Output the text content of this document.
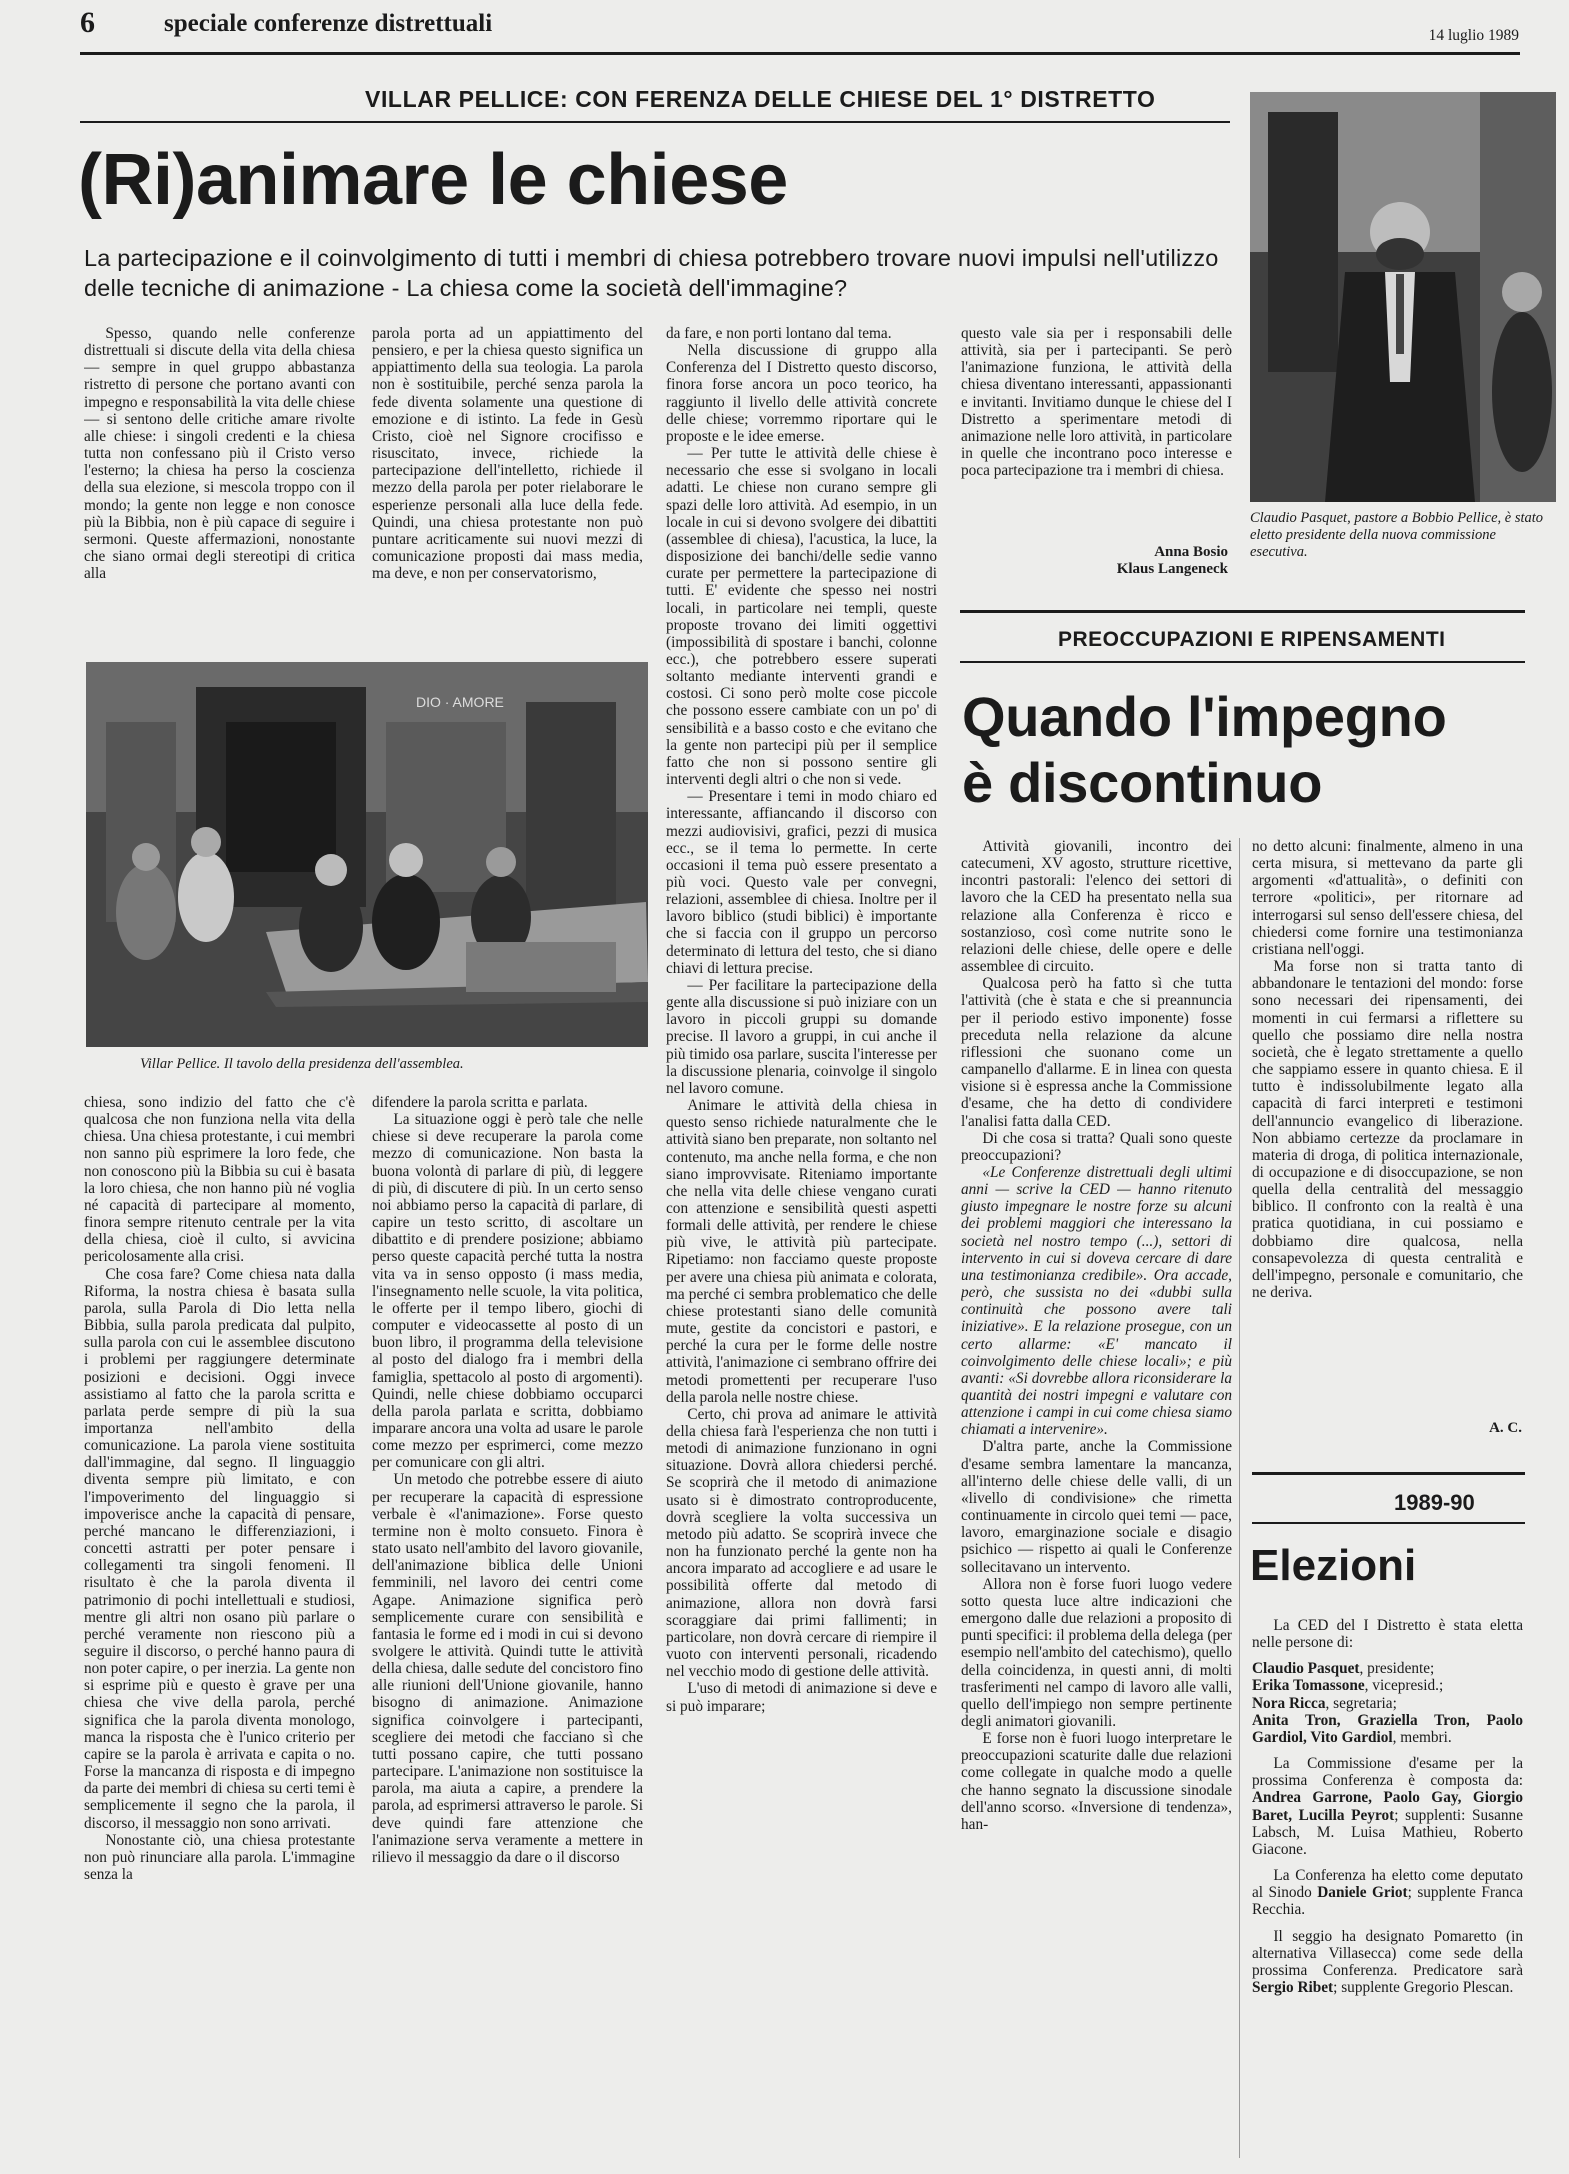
6	speciale conferenze distrettuali	14 luglio 1989
VILLAR PELLICE: CON FERENZA DELLE CHIESE DEL 1° DISTRETTO
(Ri)animare le chiese
La partecipazione e il coinvolgimento di tutti i membri di chiesa potrebbero trovare nuovi impulsi nell'utilizzo delle tecniche di animazione - La chiesa come la società dell'immagine?

Spesso, quando nelle conferenze distrettuali si discute della vita della chiesa — sempre in quel gruppo abbastanza ristretto di persone che portano avanti con impegno e responsabilità la vita delle chiese — si sentono delle critiche amare rivolte alle chiese: i singoli credenti e la chiesa tutta non confessano più il Cristo verso l'esterno; la chiesa ha perso la coscienza della sua elezione, si mescola troppo con il mondo; la gente non legge e non conosce più la Bibbia, non è più capace di seguire i sermoni. Queste affermazioni, nonostante che siano ormai degli stereotipi di critica alla

parola porta ad un appiattimento del pensiero, e per la chiesa questo significa un appiattimento della sua teologia. La parola non è sostituibile, perché senza parola la fede diventa solamente una questione di emozione e di istinto. La fede in Gesù Cristo, cioè nel Signore crocifisso e risuscitato, invece, richiede la partecipazione dell'intelletto, richiede il mezzo della parola per poter rielaborare le esperienze personali alla luce della fede. Quindi, una chiesa protestante non può puntare acriticamente sui nuovi mezzi di comunicazione proposti dai mass media, ma deve, e non per conservatorismo,

DIO · AMORE
Villar Pellice. Il tavolo della presidenza dell'assemblea.

chiesa, sono indizio del fatto che c'è qualcosa che non funziona nella vita della chiesa. Una chiesa protestante, i cui membri non sanno più esprimere la loro fede, che non conoscono più la Bibbia su cui è basata la loro chiesa, che non hanno più né voglia né capacità di partecipare al momento, finora sempre ritenuto centrale per la vita della chiesa, cioè il culto, si avvicina pericolosamente alla crisi.

Che cosa fare? Come chiesa nata dalla Riforma, la nostra chiesa è basata sulla parola, sulla Parola di Dio letta nella Bibbia, sulla parola predicata dal pulpito, sulla parola con cui le assemblee discutono i problemi per raggiungere determinate posizioni e decisioni. Oggi invece assistiamo al fatto che la parola scritta e parlata perde sempre di più la sua importanza nell'ambito della comunicazione. La parola viene sostituita dall'immagine, dal segno. Il linguaggio diventa sempre più limitato, e con l'impoverimento del linguaggio si impoverisce anche la capacità di pensare, perché mancano le differenziazioni, i concetti astratti per poter pensare i collegamenti tra singoli fenomeni. Il risultato è che la parola diventa il patrimonio di pochi intellettuali e studiosi, mentre gli altri non osano più parlare o perché veramente non riescono più a seguire il discorso, o perché hanno paura di non poter capire, o per inerzia. La gente non si esprime più e questo è grave per una chiesa che vive della parola, perché significa che la parola diventa monologo, manca la risposta che è l'unico criterio per capire se la parola è arrivata e capita o no. Forse la mancanza di risposta e di impegno da parte dei membri di chiesa su certi temi è semplicemente il segno che la parola, il discorso, il messaggio non sono arrivati.

Nonostante ciò, una chiesa protestante non può rinunciare alla parola. L'immagine senza la

difendere la parola scritta e parlata.

La situazione oggi è però tale che nelle chiese si deve recuperare la parola come mezzo di comunicazione. Non basta la buona volontà di parlare di più, di leggere di più, di discutere di più. In un certo senso noi abbiamo perso la capacità di parlare, di capire un testo scritto, di ascoltare un dibattito e di prendere posizione; abbiamo perso queste capacità perché tutta la nostra vita va in senso opposto (i mass media, l'insegnamento nelle scuole, la vita politica, le offerte per il tempo libero, giochi di computer e videocassette al posto di un buon libro, il programma della televisione al posto del dialogo fra i membri della famiglia, spettacolo al posto di argomenti). Quindi, nelle chiese dobbiamo occuparci della parola parlata e scritta, dobbiamo imparare ancora una volta ad usare le parole come mezzo per esprimerci, come mezzo per comunicare con gli altri.

Un metodo che potrebbe essere di aiuto per recuperare la capacità di espressione verbale è «l'animazione». Forse questo termine non è molto consueto. Finora è stato usato nell'ambito del lavoro giovanile, dell'animazione biblica delle Unioni femminili, nel lavoro dei centri come Agape. Animazione significa però semplicemente curare con sensibilità e fantasia le forme ed i modi in cui si devono svolgere le attività. Quindi tutte le attività della chiesa, dalle sedute del concistoro fino alle riunioni dell'Unione giovanile, hanno bisogno di animazione. Animazione significa coinvolgere i partecipanti, scegliere dei metodi che facciano sì che tutti possano capire, che tutti possano partecipare. L'animazione non sostituisce la parola, ma aiuta a capire, a prendere la parola, ad esprimersi attraverso le parole. Si deve quindi fare attenzione che l'animazione serva veramente a mettere in rilievo il messaggio da dare o il discorso

da fare, e non porti lontano dal tema.

Nella discussione di gruppo alla Conferenza del I Distretto questo discorso, finora forse ancora un poco teorico, ha raggiunto il livello delle attività concrete delle chiese; vorremmo riportare qui le proposte e le idee emerse.

— Per tutte le attività delle chiese è necessario che esse si svolgano in locali adatti. Le chiese non curano sempre gli spazi delle loro attività. Ad esempio, in un locale in cui si devono svolgere dei dibattiti (assemblee di chiesa), l'acustica, la luce, la disposizione dei banchi/delle sedie vanno curate per permettere la partecipazione di tutti. E' evidente che spesso nei nostri locali, in particolare nei templi, queste proposte trovano dei limiti oggettivi (impossibilità di spostare i banchi, colonne ecc.), che potrebbero essere superati soltanto mediante interventi grandi e costosi. Ci sono però molte cose piccole che possono essere cambiate con un po' di sensibilità e a basso costo e che evitano che la gente non partecipi più per il semplice fatto che non si possono sentire gli interventi degli altri o che non si vede.

— Presentare i temi in modo chiaro ed interessante, affiancando il discorso con mezzi audiovisivi, grafici, pezzi di musica ecc., se il tema lo permette. In certe occasioni il tema può essere presentato a più voci. Questo vale per convegni, relazioni, assemblee di chiesa. Inoltre per il lavoro biblico (studi biblici) è importante che si faccia con il gruppo un percorso determinato di lettura del testo, che si diano chiavi di lettura precise.

— Per facilitare la partecipazione della gente alla discussione si può iniziare con un lavoro in piccoli gruppi su domande precise. Il lavoro a gruppi, in cui anche il più timido osa parlare, suscita l'interesse per la discussione plenaria, coinvolge il singolo nel lavoro comune.

Animare le attività della chiesa in questo senso richiede naturalmente che le attività siano ben preparate, non soltanto nel contenuto, ma anche nella forma, e che non siano improvvisate. Riteniamo importante che nella vita delle chiese vengano curati con attenzione e sensibilità questi aspetti formali delle attività, per rendere le chiese più vive, le attività più partecipate. Ripetiamo: non facciamo queste proposte per avere una chiesa più animata e colorata, ma perché ci sembra problematico che delle chiese protestanti siano delle comunità mute, gestite da concistori e pastori, e perché la cura per le forme delle nostre attività, l'animazione ci sembrano offrire dei metodi promettenti per recuperare l'uso della parola nelle nostre chiese.

Certo, chi prova ad animare le attività della chiesa farà l'esperienza che non tutti i metodi di animazione funzionano in ogni situazione. Dovrà allora chiedersi perché. Se scoprirà che il metodo di animazione usato si è dimostrato controproducente, dovrà scegliere la volta successiva un metodo più adatto. Se scoprirà invece che non ha funzionato perché la gente non ha ancora imparato ad accogliere e ad usare le possibilità offerte dal metodo di animazione, allora non dovrà farsi scoraggiare dai primi fallimenti; in particolare, non dovrà cercare di riempire il vuoto con interventi personali, ricadendo nel vecchio modo di gestione delle attività.

L'uso di metodi di animazione si deve e si può imparare;

questo vale sia per i responsabili delle attività, sia per i partecipanti. Se però l'animazione funziona, le attività della chiesa diventano interessanti, appassionanti e invitanti. Invitiamo dunque le chiese del I Distretto a sperimentare metodi di animazione nelle loro attività, in particolare in quelle che incontrano poco interesse e poca partecipazione tra i membri di chiesa.

Anna Bosio
Klaus Langeneck
Claudio Pasquet, pastore a Bobbio Pellice, è stato eletto presidente della nuova commissione esecutiva.
PREOCCUPAZIONI E RIPENSAMENTI
Quando l'impegno
è discontinuo

Attività giovanili, incontro dei catecumeni, XV agosto, strutture ricettive, incontri pastorali: l'elenco dei settori di lavoro che la CED ha presentato nella sua relazione alla Conferenza è ricco e sostanzioso, così come nutrite sono le relazioni delle chiese, delle opere e delle assemblee di circuito.

Qualcosa però ha fatto sì che tutta l'attività (che è stata e che si preannuncia per il periodo estivo imponente) fosse preceduta nella relazione da alcune riflessioni che suonano come un campanello d'allarme. E in linea con questa visione si è espressa anche la Commissione d'esame, che ha detto di condividere l'analisi fatta dalla CED.

Di che cosa si tratta? Quali sono queste preoccupazioni?

«Le Conferenze distrettuali degli ultimi anni — scrive la CED — hanno ritenuto giusto impegnare le nostre forze su alcuni dei problemi maggiori che interessano la società nel nostro tempo (...), settori di intervento in cui si doveva cercare di dare una testimonianza credibile». Ora accade, però, che sussista no dei «dubbi sulla continuità che possono avere tali iniziative». E la relazione prosegue, con un certo allarme: «E' mancato il coinvolgimento delle chiese locali»; e più avanti: «Si dovrebbe allora riconsiderare la quantità dei nostri impegni e valutare con attenzione i campi in cui come chiesa siamo chiamati a intervenire».

D'altra parte, anche la Commissione d'esame sembra lamentare la mancanza, all'interno delle chiese delle valli, di un «livello di condivisione» che rimetta continuamente in circolo quei temi — pace, lavoro, emarginazione sociale e disagio psichico — rispetto ai quali le Conferenze sollecitavano un intervento.

Allora non è forse fuori luogo vedere sotto questa luce altre indicazioni che emergono dalle due relazioni a proposito di punti specifici: il problema della delega (per esempio nell'ambito del catechismo), quello della coincidenza, in questi anni, di molti trasferimenti nel campo di lavoro alle valli, quello dell'impiego non sempre pertinente degli animatori giovanili.

E forse non è fuori luogo interpretare le preoccupazioni scaturite dalle due relazioni come collegate in qualche modo a quelle che hanno segnato la discussione sinodale dell'anno scorso. «Inversione di tendenza», han-

no detto alcuni: finalmente, almeno in una certa misura, si mettevano da parte gli argomenti «d'attualità», o definiti con terrore «politici», per ritornare ad interrogarsi sul senso dell'essere chiesa, del chiedersi come fornire una testimonianza cristiana nell'oggi.

Ma forse non si tratta tanto di abbandonare le tentazioni del mondo: forse sono necessari dei ripensamenti, dei momenti in cui fermarsi a riflettere su quello che possiamo dire nella nostra società, che è legato strettamente a quello che sappiamo essere in quanto chiesa. E il tutto è indissolubilmente legato alla capacità di farci interpreti e testimoni dell'annuncio evangelico di liberazione. Non abbiamo certezze da proclamare in materia di droga, di politica internazionale, di occupazione e di disoccupazione, se non quella della centralità del messaggio biblico. Il confronto con la realtà è una pratica quotidiana, in cui possiamo e dobbiamo dire qualcosa, nella consapevolezza di questa centralità e dell'impegno, personale e comunitario, che ne deriva.

A. C.
1989-90
Elezioni

La CED del I Distretto è stata eletta nelle persone di:

Claudio Pasquet, presidente;
Erika Tomassone, vicepresid.;
Nora Ricca, segretaria;
Anita Tron, Graziella Tron, Paolo Gardiol, Vito Gardiol, membri.

La Commissione d'esame per la prossima Conferenza è composta da: Andrea Garrone, Paolo Gay, Giorgio Baret, Lucilla Peyrot; supplenti: Susanne Labsch, M. Luisa Mathieu, Roberto Giacone.

La Conferenza ha eletto come deputato al Sinodo Daniele Griot; supplente Franca Recchia.

Il seggio ha designato Pomaretto (in alternativa Villasecca) come sede della prossima Conferenza. Predicatore sarà Sergio Ribet; supplente Gregorio Plescan.
